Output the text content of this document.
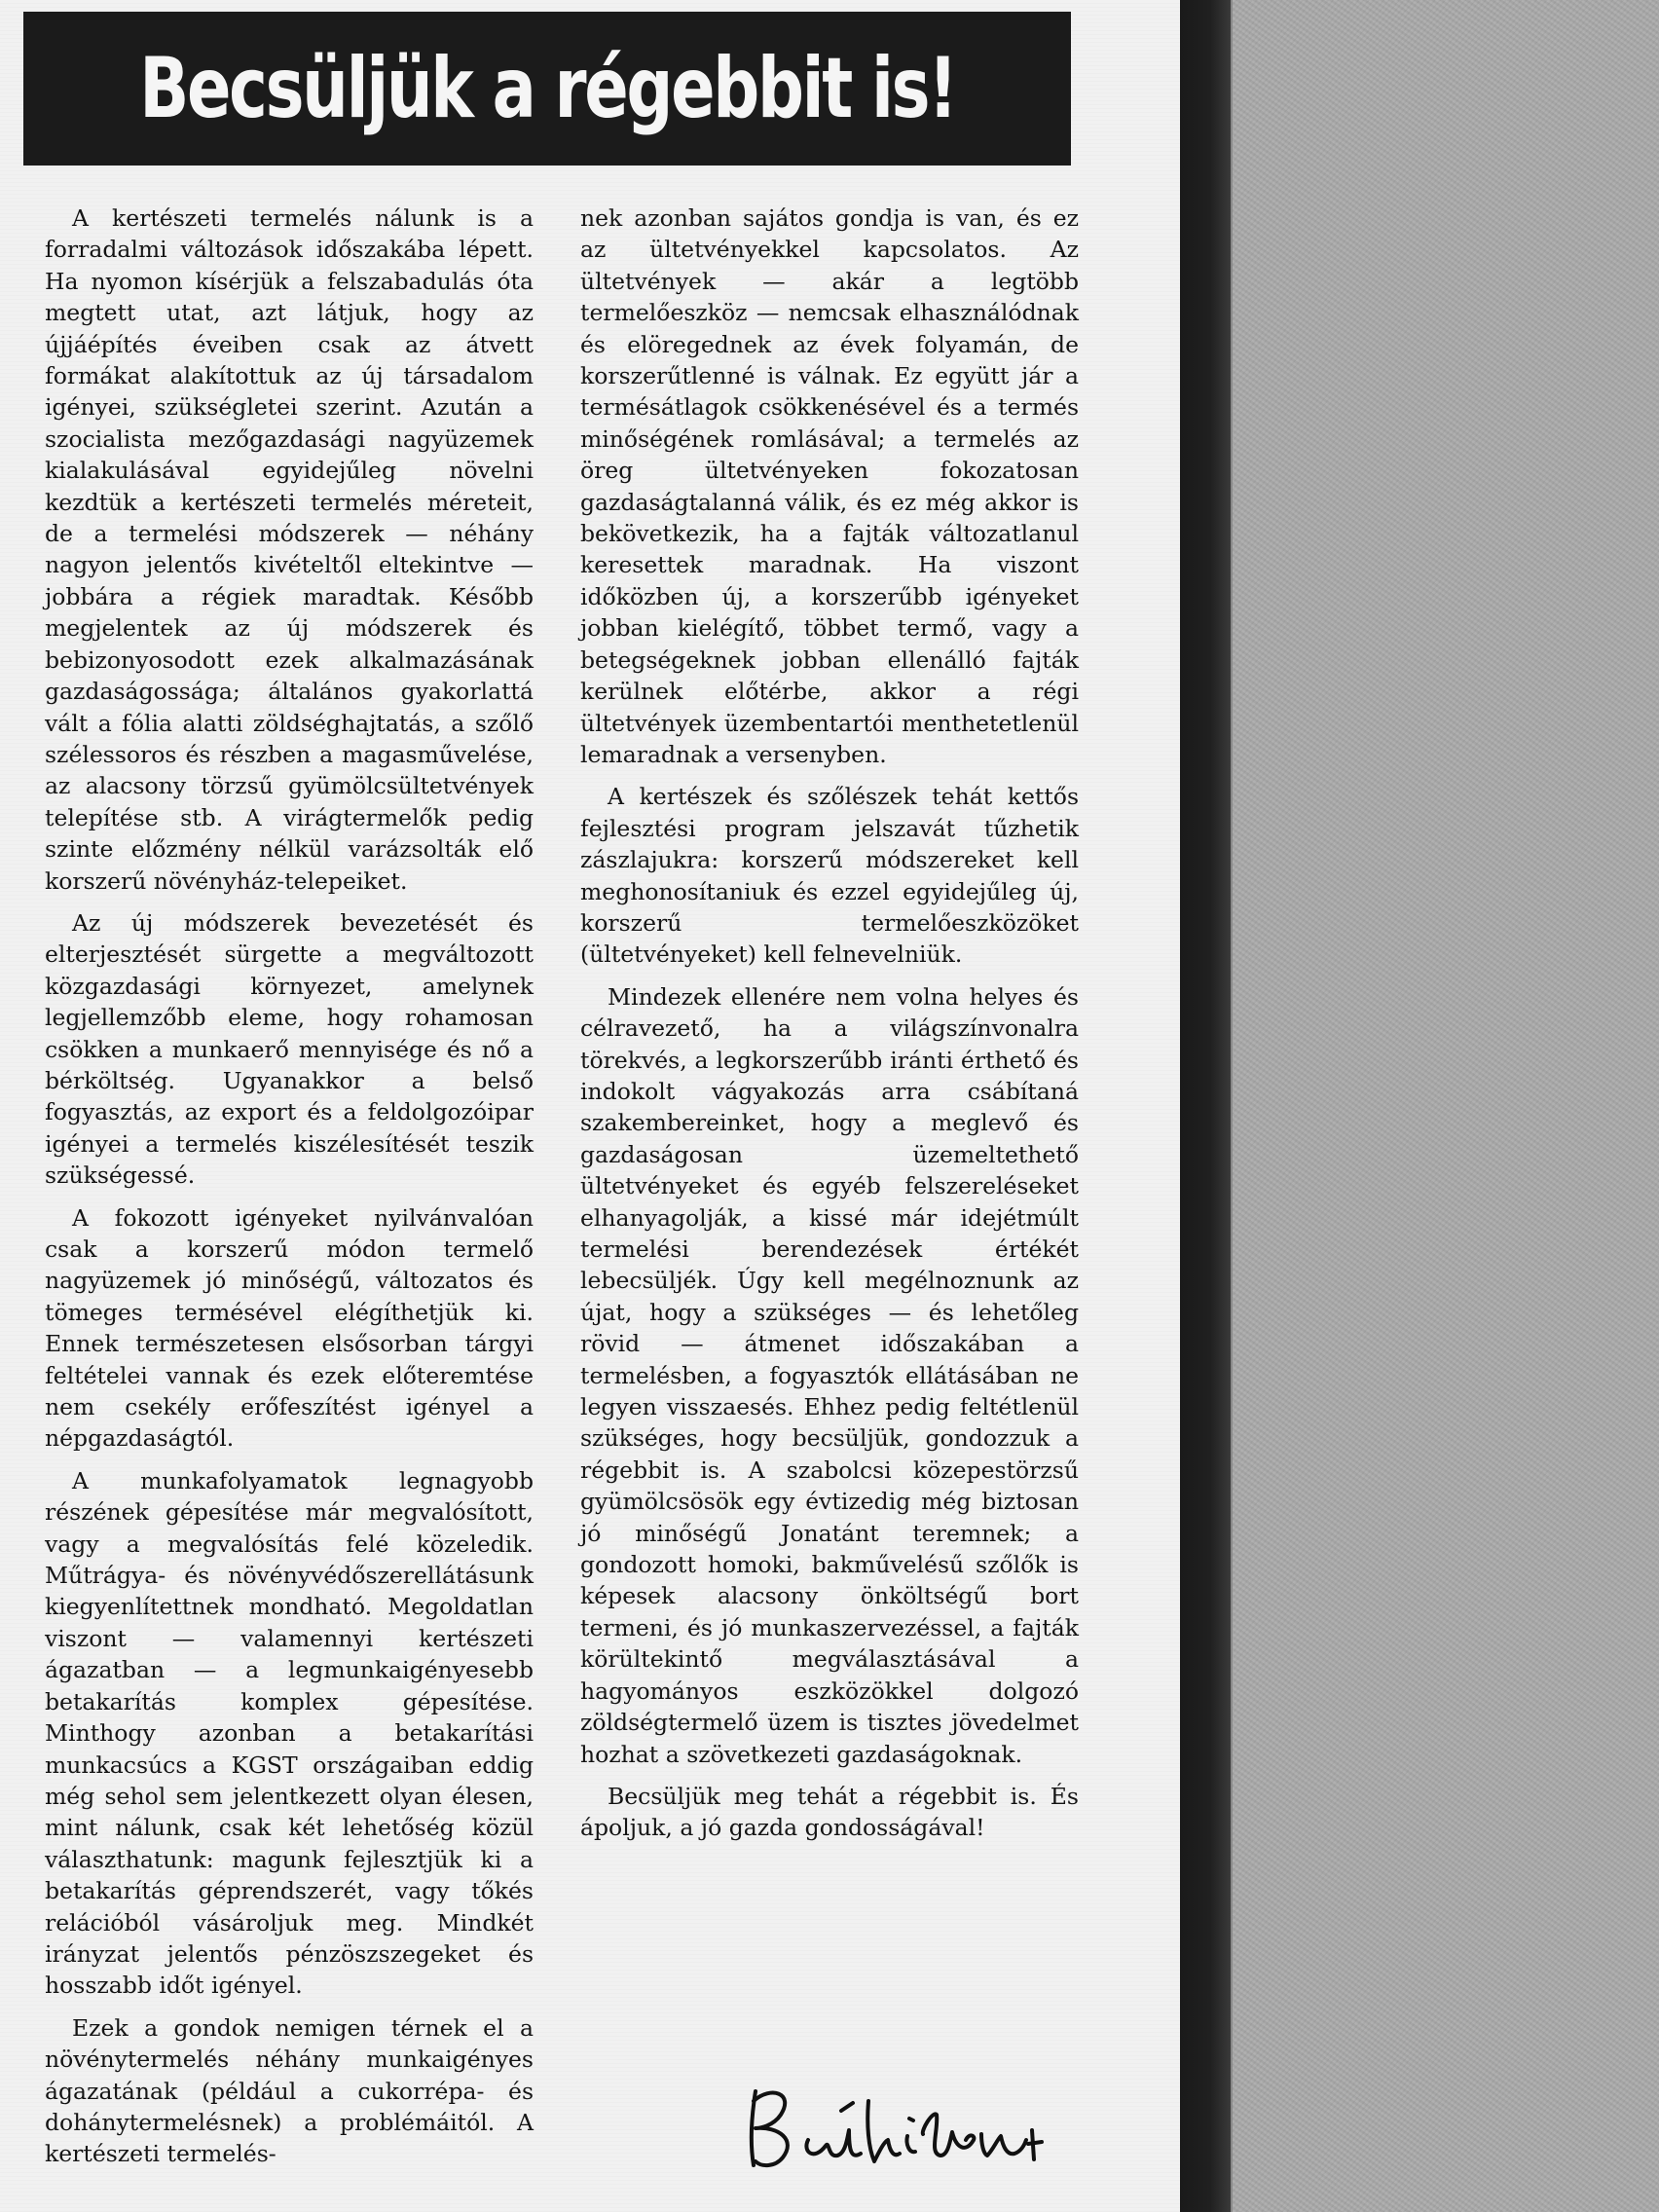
Becsüljük a régebbit is!

A kertészeti termelés nálunk is a forradalmi változások időszakába lépett. Ha nyomon kísérjük a felszabadulás óta megtett utat, azt látjuk, hogy az újjáépítés éveiben csak az átvett formákat alakítottuk az új társadalom igényei, szükségletei szerint. Azután a szocialista mezőgazdasági nagyüzemek kialakulásával egyidejűleg növelni kezdtük a kertészeti termelés méreteit, de a termelési módszerek — néhány nagyon jelentős kivételtől eltekintve — jobbára a régiek maradtak. Később megjelentek az új módszerek és bebizonyosodott ezek alkalmazásának gazdaságossága; általános gyakorlattá vált a fólia alatti zöldséghajtatás, a szőlő szélessoros és részben a magasművelése, az alacsony törzsű gyümölcsültetvények telepítése stb. A virágtermelők pedig szinte előzmény nélkül varázsolták elő korszerű növényház-telepeiket.

Az új módszerek bevezetését és elterjesztését sürgette a megváltozott közgazdasági környezet, amelynek legjellemzőbb eleme, hogy rohamosan csökken a munkaerő mennyisége és nő a bérköltség. Ugyanakkor a belső fogyasztás, az export és a feldolgozóipar igényei a termelés kiszélesítését teszik szükségessé.

A fokozott igényeket nyilvánvalóan csak a korszerű módon termelő nagyüzemek jó minőségű, változatos és tömeges termésével elégíthetjük ki. Ennek természetesen elsősorban tárgyi feltételei vannak és ezek előteremtése nem csekély erőfeszítést igényel a népgazdaságtól.

A munkafolyamatok legnagyobb részének gépesítése már megvalósított, vagy a megvalósítás felé közeledik. Műtrágya- és növényvédőszerellátásunk kiegyenlítettnek mondható. Megoldatlan viszont — valamennyi kertészeti ágazatban — a legmunkaigényesebb betakarítás komplex gépesítése. Minthogy azonban a betakarítási munkacsúcs a KGST országaiban eddig még sehol sem jelentkezett olyan élesen, mint nálunk, csak két lehetőség közül választhatunk: magunk fejlesztjük ki a betakarítás géprendszerét, vagy tőkés relációból vásároljuk meg. Mindkét irányzat jelentős pénzöszszegeket és hosszabb időt igényel.

Ezek a gondok nemigen térnek el a növénytermelés néhány munkaigényes ágazatának (például a cukorrépa- és dohánytermelésnek) a problémáitól. A kertészeti termelés-

nek azonban sajátos gondja is van, és ez az ültetvényekkel kapcsolatos. Az ültetvények — akár a legtöbb termelőeszköz — nemcsak elhasználódnak és elöregednek az évek folyamán, de korszerűtlenné is válnak. Ez együtt jár a termésátlagok csökkenésével és a termés minőségének romlásával; a termelés az öreg ültetvényeken fokozatosan gazdaságtalanná válik, és ez még akkor is bekövetkezik, ha a fajták változatlanul keresettek maradnak. Ha viszont időközben új, a korszerűbb igényeket jobban kielégítő, többet termő, vagy a betegségeknek jobban ellenálló fajták kerülnek előtérbe, akkor a régi ültetvények üzembentartói menthetetlenül lemaradnak a versenyben.

A kertészek és szőlészek tehát kettős fejlesztési program jelszavát tűzhetik zászlajukra: korszerű módszereket kell meghonosítaniuk és ezzel egyidejűleg új, korszerű termelőeszközöket (ültetvényeket) kell felnevelniük.

Mindezek ellenére nem volna helyes és célravezető, ha a világszínvonalra törekvés, a legkorszerűbb iránti érthető és indokolt vágyakozás arra csábítaná szakembereinket, hogy a meglevő és gazdaságosan üzemeltethető ültetvényeket és egyéb felszereléseket elhanyagolják, a kissé már idejétmúlt termelési berendezések értékét lebecsüljék. Úgy kell megélnoznunk az újat, hogy a szükséges — és lehetőleg rövid — átmenet időszakában a termelésben, a fogyasztók ellátásában ne legyen visszaesés. Ehhez pedig feltétlenül szükséges, hogy becsüljük, gondozzuk a régebbit is. A szabolcsi közepestörzsű gyümölcsösök egy évtizedig még biztosan jó minőségű Jonatánt teremnek; a gondozott homoki, bakművelésű szőlők is képesek alacsony önköltségű bort termeni, és jó munkaszervezéssel, a fajták körültekintő megválasztásával a hagyományos eszközökkel dolgozó zöldségtermelő üzem is tisztes jövedelmet hozhat a szövetkezeti gazdaságoknak.

Becsüljük meg tehát a régebbit is. És ápoljuk, a jó gazda gondosságával!
